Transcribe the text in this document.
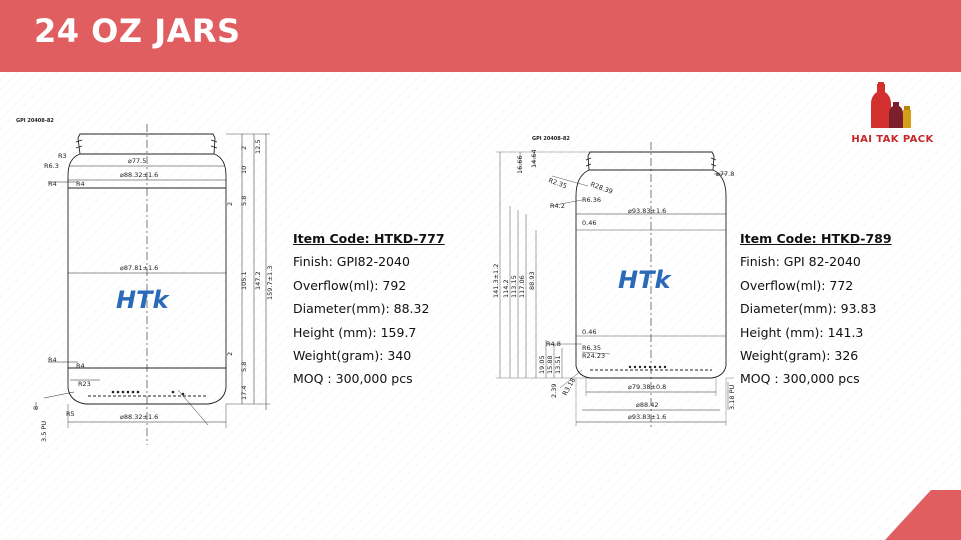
24 OZ JARS
GPI 20408-82
⌀77.5
⌀88.32±1.6
⌀87.81±1.6
⌀88.32±1.6
R3
R6.3
R4	R4
R4
R4
R23
R5
12.5
2
10
2 5.8
105.1 147.2 159.7±1.3
2
5.8
17.4
8
3.5 PU
HTk
Item Code: HTKD-777
Finish: GPI82-2040
Overflow(ml): 792
Diameter(mm): 88.32
Height (mm): 159.7
Weight(gram): 340
MOQ : 300,000 pcs
GPI 20408-82
⌀77.8
⌀93.83±1.6
0.46
0.46
R2.35	R28.39
R6.36
R4.2
R4.8	R6.35
R24.23
R3.18
16.66 14.64
141.3±1.2 114.2 113.15 117.06 88.93
19.05 15.88 13.51
2.39	3.18 PU
⌀79.38±0.8
⌀88.42
⌀93.83±1.6
HTk
Item Code: HTKD-789
Finish: GPI 82-2040
Overflow(ml): 772
Diameter(mm): 93.83
Height (mm): 141.3
Weight(gram): 326
MOQ : 300,000 pcs
HAI TAK PACK
